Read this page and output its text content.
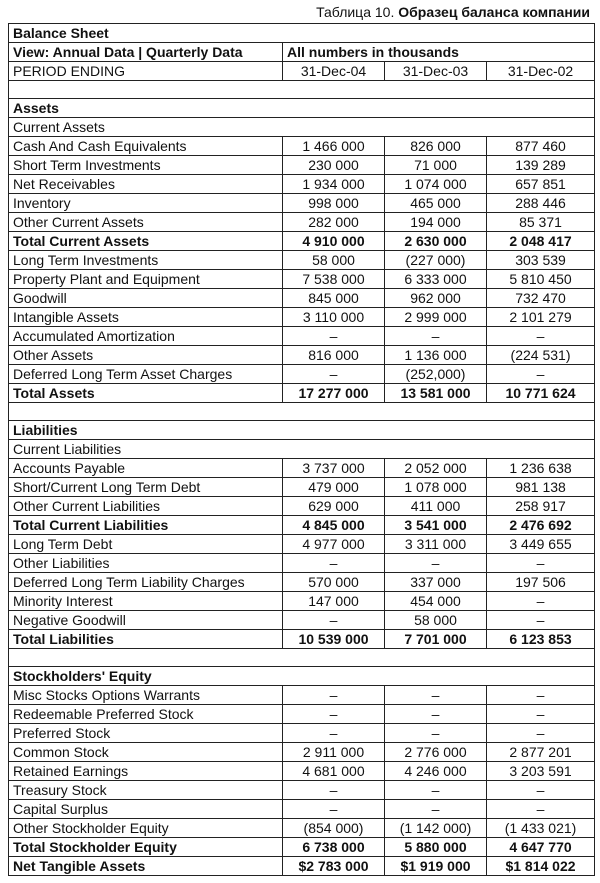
Таблица 10. Образец баланса компании
Balance Sheet			
View: Annual Data | Quarterly Data	All numbers in thousands		
PERIOD ENDING	31-Dec-04	31-Dec-03	31-Dec-02

Assets			
Current Assets			
Cash And Cash Equivalents	1 466 000	826 000	877 460
Short Term Investments	230 000	71 000	139 289
Net Receivables	1 934 000	1 074 000	657 851
Inventory	998 000	465 000	288 446
Other Current Assets	282 000	194 000	85 371
Total Current Assets	4 910 000	2 630 000	2 048 417
Long Term Investments	58 000	(227 000)	303 539
Property Plant and Equipment	7 538 000	6 333 000	5 810 450
Goodwill	845 000	962 000	732 470
Intangible Assets	3 110 000	2 999 000	2 101 279
Accumulated Amortization	–	–	–
Other Assets	816 000	1 136 000	(224 531)
Deferred Long Term Asset Charges	–	(252,000)	–
Total Assets	17 277 000	13 581 000	10 771 624

Liabilities			
Current Liabilities			
Accounts Payable	3 737 000	2 052 000	1 236 638
Short/Current Long Term Debt	479 000	1 078 000	981 138
Other Current Liabilities	629 000	411 000	258 917
Total Current Liabilities	4 845 000	3 541 000	2 476 692
Long Term Debt	4 977 000	3 311 000	3 449 655
Other Liabilities	–	–	–
Deferred Long Term Liability Charges	570 000	337 000	197 506
Minority Interest	147 000	454 000	–
Negative Goodwill	–	58 000	–
Total Liabilities	10 539 000	7 701 000	6 123 853

Stockholders' Equity			
Misc Stocks Options Warrants	–	–	–
Redeemable Preferred Stock	–	–	–
Preferred Stock	–	–	–
Common Stock	2 911 000	2 776 000	2 877 201
Retained Earnings	4 681 000	4 246 000	3 203 591
Treasury Stock	–	–	–
Capital Surplus	–	–	–
Other Stockholder Equity	(854 000)	(1 142 000)	(1 433 021)
Total Stockholder Equity	6 738 000	5 880 000	4 647 770
Net Tangible Assets	$2 783 000	$1 919 000	$1 814 022
